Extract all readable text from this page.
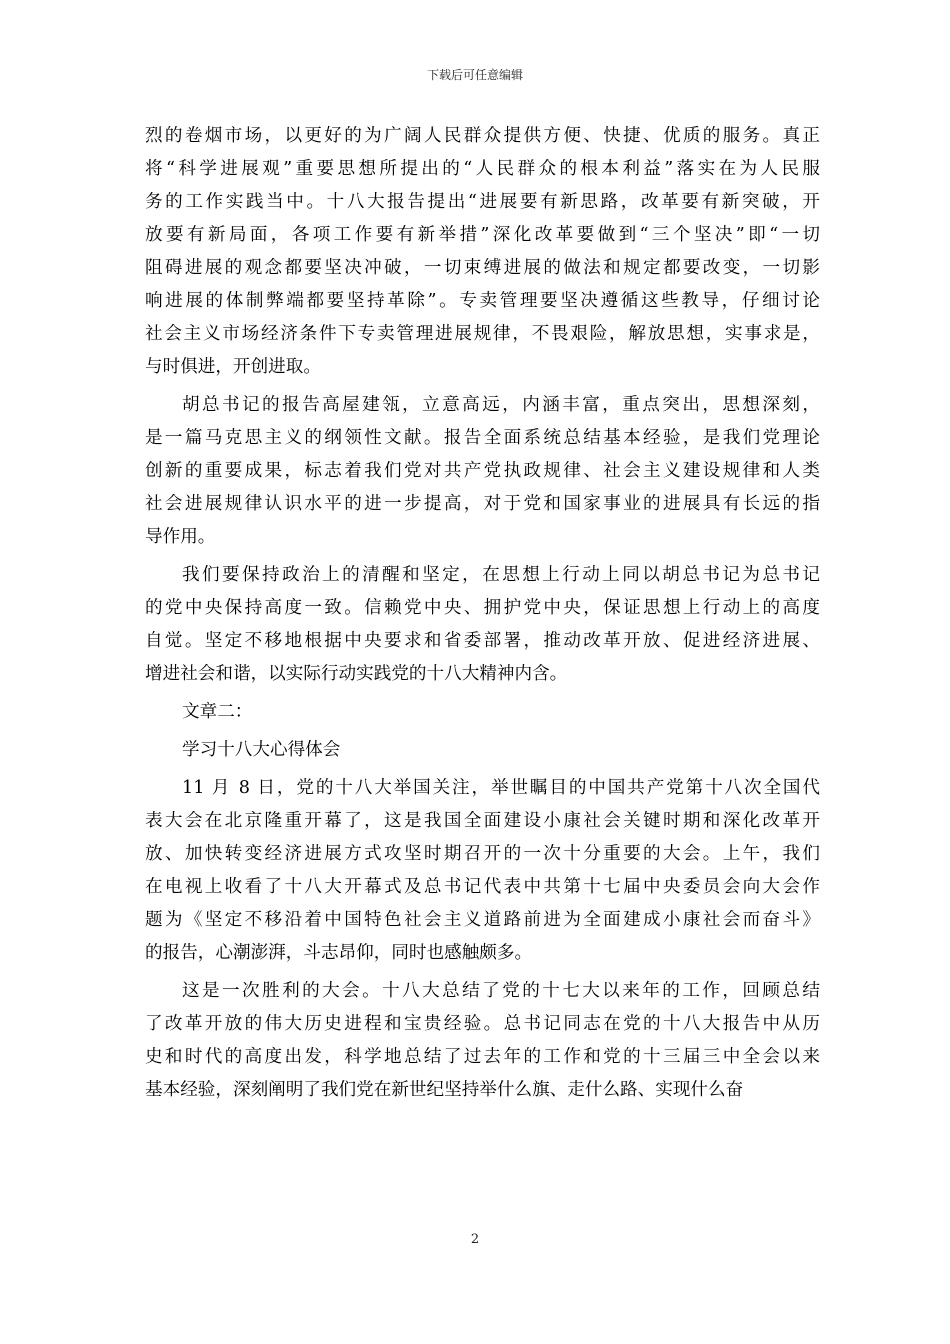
下载后可任意编辑
烈的卷烟市场，以更好的为广阔人民群众提供方便、快捷、优质的服务。真正
将“科学进展观”重要思想所提出的“人民群众的根本利益”落实在为人民服
务的工作实践当中。十八大报告提出“进展要有新思路，改革要有新突破，开
放要有新局面，各项工作要有新举措”深化改革要做到“三个坚决”即“一切
阻碍进展的观念都要坚决冲破，一切束缚进展的做法和规定都要改变，一切影
响进展的体制弊端都要坚持革除”。专卖管理要坚决遵循这些教导，仔细讨论
社会主义市场经济条件下专卖管理进展规律，不畏艰险，解放思想，实事求是，
与时俱进，开创进取。
胡总书记的报告高屋建瓴，立意高远，内涵丰富，重点突出，思想深刻，
是一篇马克思主义的纲领性文献。报告全面系统总结基本经验，是我们党理论
创新的重要成果，标志着我们党对共产党执政规律、社会主义建设规律和人类
社会进展规律认识水平的进一步提高，对于党和国家事业的进展具有长远的指
导作用。
我们要保持政治上的清醒和坚定，在思想上行动上同以胡总书记为总书记
的党中央保持高度一致。信赖党中央、拥护党中央，保证思想上行动上的高度
自觉。坚定不移地根据中央要求和省委部署，推动改革开放、促进经济进展、
增进社会和谐，以实际行动实践党的十八大精神内含。
文章二：
学习十八大心得体会
11 月 8 日，党的十八大举国关注，举世瞩目的中国共产党第十八次全国代
表大会在北京隆重开幕了，这是我国全面建设小康社会关键时期和深化改革开
放、加快转变经济进展方式攻坚时期召开的一次十分重要的大会。上午，我们
在电视上收看了十八大开幕式及总书记代表中共第十七届中央委员会向大会作
题为《坚定不移沿着中国特色社会主义道路前进为全面建成小康社会而奋斗》
的报告，心潮澎湃，斗志昂仰，同时也感触颇多。
这是一次胜利的大会。十八大总结了党的十七大以来年的工作，回顾总结
了改革开放的伟大历史进程和宝贵经验。总书记同志在党的十八大报告中从历
史和时代的高度出发，科学地总结了过去年的工作和党的十三届三中全会以来
基本经验，深刻阐明了我们党在新世纪坚持举什么旗、走什么路、实现什么奋
2
